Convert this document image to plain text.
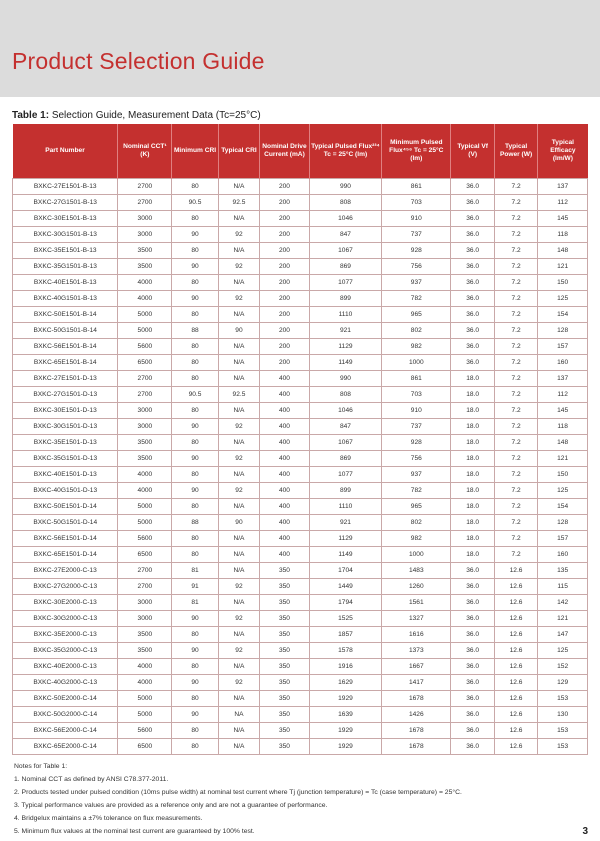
Product Selection Guide
Table 1: Selection Guide, Measurement Data (Tc=25°C)
Part Number	Nominal CCT¹ (K)	Minimum CRI	Typical CRI	Nominal Drive Current (mA)	Typical Pulsed Flux²³⁴ Tc = 25°C (lm)	Minimum Pulsed Flux⁴⁵⁶ Tc = 25°C (lm)	Typical Vf (V)	Typical Power (W)	Typical Efficacy (lm/W)
BXKC-27E1501-B-13	2700	80	N/A	200	990	861	36.0	7.2	137
BXKC-27G1501-B-13	2700	90.5	92.5	200	808	703	36.0	7.2	112
BXKC-30E1501-B-13	3000	80	N/A	200	1046	910	36.0	7.2	145
BXKC-30G1501-B-13	3000	90	92	200	847	737	36.0	7.2	118
BXKC-35E1501-B-13	3500	80	N/A	200	1067	928	36.0	7.2	148
BXKC-35G1501-B-13	3500	90	92	200	869	756	36.0	7.2	121
BXKC-40E1501-B-13	4000	80	N/A	200	1077	937	36.0	7.2	150
BXKC-40G1501-B-13	4000	90	92	200	899	782	36.0	7.2	125
BXKC-50E1501-B-14	5000	80	N/A	200	1110	965	36.0	7.2	154
BXKC-50G1501-B-14	5000	88	90	200	921	802	36.0	7.2	128
BXKC-56E1501-B-14	5600	80	N/A	200	1129	982	36.0	7.2	157
BXKC-65E1501-B-14	6500	80	N/A	200	1149	1000	36.0	7.2	160
BXKC-27E1501-D-13	2700	80	N/A	400	990	861	18.0	7.2	137
BXKC-27G1501-D-13	2700	90.5	92.5	400	808	703	18.0	7.2	112
BXKC-30E1501-D-13	3000	80	N/A	400	1046	910	18.0	7.2	145
BXKC-30G1501-D-13	3000	90	92	400	847	737	18.0	7.2	118
BXKC-35E1501-D-13	3500	80	N/A	400	1067	928	18.0	7.2	148
BXKC-35G1501-D-13	3500	90	92	400	869	756	18.0	7.2	121
BXKC-40E1501-D-13	4000	80	N/A	400	1077	937	18.0	7.2	150
BXKC-40G1501-D-13	4000	90	92	400	899	782	18.0	7.2	125
BXKC-50E1501-D-14	5000	80	N/A	400	1110	965	18.0	7.2	154
BXKC-50G1501-D-14	5000	88	90	400	921	802	18.0	7.2	128
BXKC-56E1501-D-14	5600	80	N/A	400	1129	982	18.0	7.2	157
BXKC-65E1501-D-14	6500	80	N/A	400	1149	1000	18.0	7.2	160
BXKC-27E2000-C-13	2700	81	N/A	350	1704	1483	36.0	12.6	135
BXKC-27G2000-C-13	2700	91	92	350	1449	1260	36.0	12.6	115
BXKC-30E2000-C-13	3000	81	N/A	350	1794	1561	36.0	12.6	142
BXKC-30G2000-C-13	3000	90	92	350	1525	1327	36.0	12.6	121
BXKC-35E2000-C-13	3500	80	N/A	350	1857	1616	36.0	12.6	147
BXKC-35G2000-C-13	3500	90	92	350	1578	1373	36.0	12.6	125
BXKC-40E2000-C-13	4000	80	N/A	350	1916	1667	36.0	12.6	152
BXKC-40G2000-C-13	4000	90	92	350	1629	1417	36.0	12.6	129
BXKC-50E2000-C-14	5000	80	N/A	350	1929	1678	36.0	12.6	153
BXKC-50G2000-C-14	5000	90	NA	350	1639	1426	36.0	12.6	130
BXKC-56E2000-C-14	5600	80	N/A	350	1929	1678	36.0	12.6	153
BXKC-65E2000-C-14	6500	80	N/A	350	1929	1678	36.0	12.6	153
Notes for Table 1:
1. Nominal CCT as defined by ANSI C78.377-2011.
2. Products tested under pulsed condition (10ms pulse width) at nominal test current where Tj (junction temperature) = Tc (case temperature) = 25°C.
3. Typical performance values are provided as a reference only and are not a guarantee of performance.
4. Bridgelux maintains a ±7% tolerance on flux measurements.
5. Minimum flux values at the nominal test current are guaranteed by 100% test.	3
